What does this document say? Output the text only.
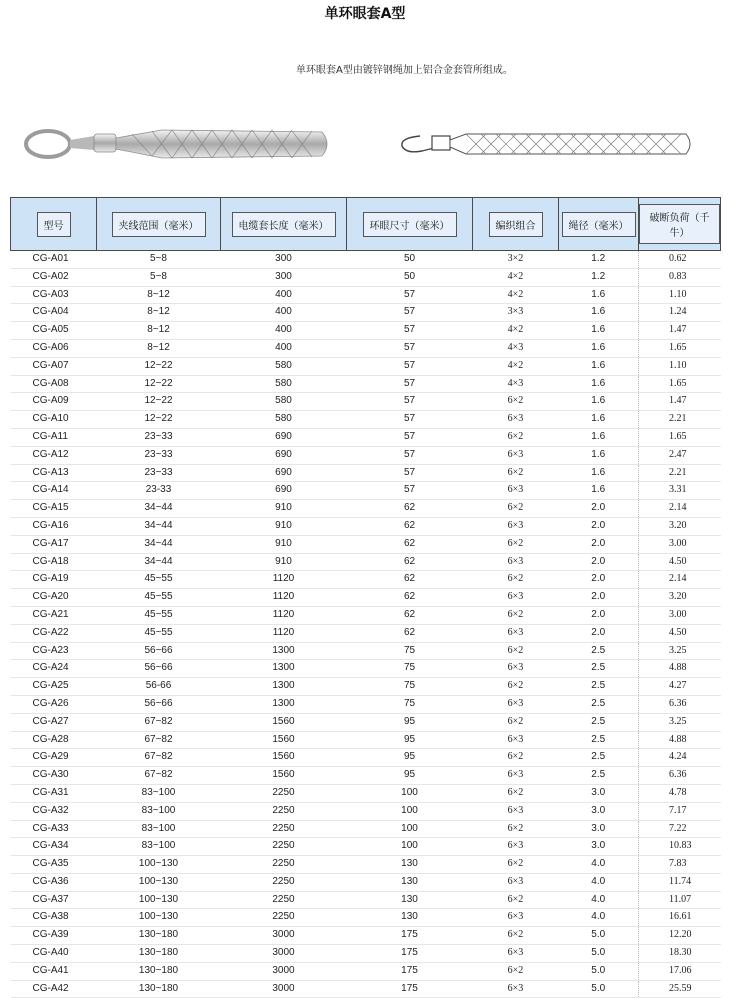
单环眼套A型
单环眼套A型由镀锌钢绳加上铝合金套管所组成。
型号	夹线范围（毫米）	电缆套长度（毫米）	环眼尺寸（毫米）	编织组合	绳径（毫米）	破断负荷（千牛）
CG-A01	5~8	300	50	3×2	1.2	0.62
CG-A02	5~8	300	50	4×2	1.2	0.83
CG-A03	8~12	400	57	4×2	1.6	1.10
CG-A04	8~12	400	57	3×3	1.6	1.24
CG-A05	8~12	400	57	4×2	1.6	1.47
CG-A06	8~12	400	57	4×3	1.6	1.65
CG-A07	12~22	580	57	4×2	1.6	1.10
CG-A08	12~22	580	57	4×3	1.6	1.65
CG-A09	12~22	580	57	6×2	1.6	1.47
CG-A10	12~22	580	57	6×3	1.6	2.21
CG-A11	23~33	690	57	6×2	1.6	1.65
CG-A12	23~33	690	57	6×3	1.6	2.47
CG-A13	23~33	690	57	6×2	1.6	2.21
CG-A14	23-33	690	57	6×3	1.6	3.31
CG-A15	34~44	910	62	6×2	2.0	2.14
CG-A16	34~44	910	62	6×3	2.0	3.20
CG-A17	34~44	910	62	6×2	2.0	3.00
CG-A18	34~44	910	62	6×3	2.0	4.50
CG-A19	45~55	1120	62	6×2	2.0	2.14
CG-A20	45~55	1120	62	6×3	2.0	3.20
CG-A21	45~55	1120	62	6×2	2.0	3.00
CG-A22	45~55	1120	62	6×3	2.0	4.50
CG-A23	56~66	1300	75	6×2	2.5	3.25
CG-A24	56~66	1300	75	6×3	2.5	4.88
CG-A25	56-66	1300	75	6×2	2.5	4.27
CG-A26	56~66	1300	75	6×3	2.5	6.36
CG-A27	67~82	1560	95	6×2	2.5	3.25
CG-A28	67~82	1560	95	6×3	2.5	4.88
CG-A29	67~82	1560	95	6×2	2.5	4.24
CG-A30	67~82	1560	95	6×3	2.5	6.36
CG-A31	83~100	2250	100	6×2	3.0	4.78
CG-A32	83~100	2250	100	6×3	3.0	7.17
CG-A33	83~100	2250	100	6×2	3.0	7.22
CG-A34	83~100	2250	100	6×3	3.0	10.83
CG-A35	100~130	2250	130	6×2	4.0	7.83
CG-A36	100~130	2250	130	6×3	4.0	11.74
CG-A37	100~130	2250	130	6×2	4.0	11.07
CG-A38	100~130	2250	130	6×3	4.0	16.61
CG-A39	130~180	3000	175	6×2	5.0	12.20
CG-A40	130~180	3000	175	6×3	5.0	18.30
CG-A41	130~180	3000	175	6×2	5.0	17.06
CG-A42	130~180	3000	175	6×3	5.0	25.59
